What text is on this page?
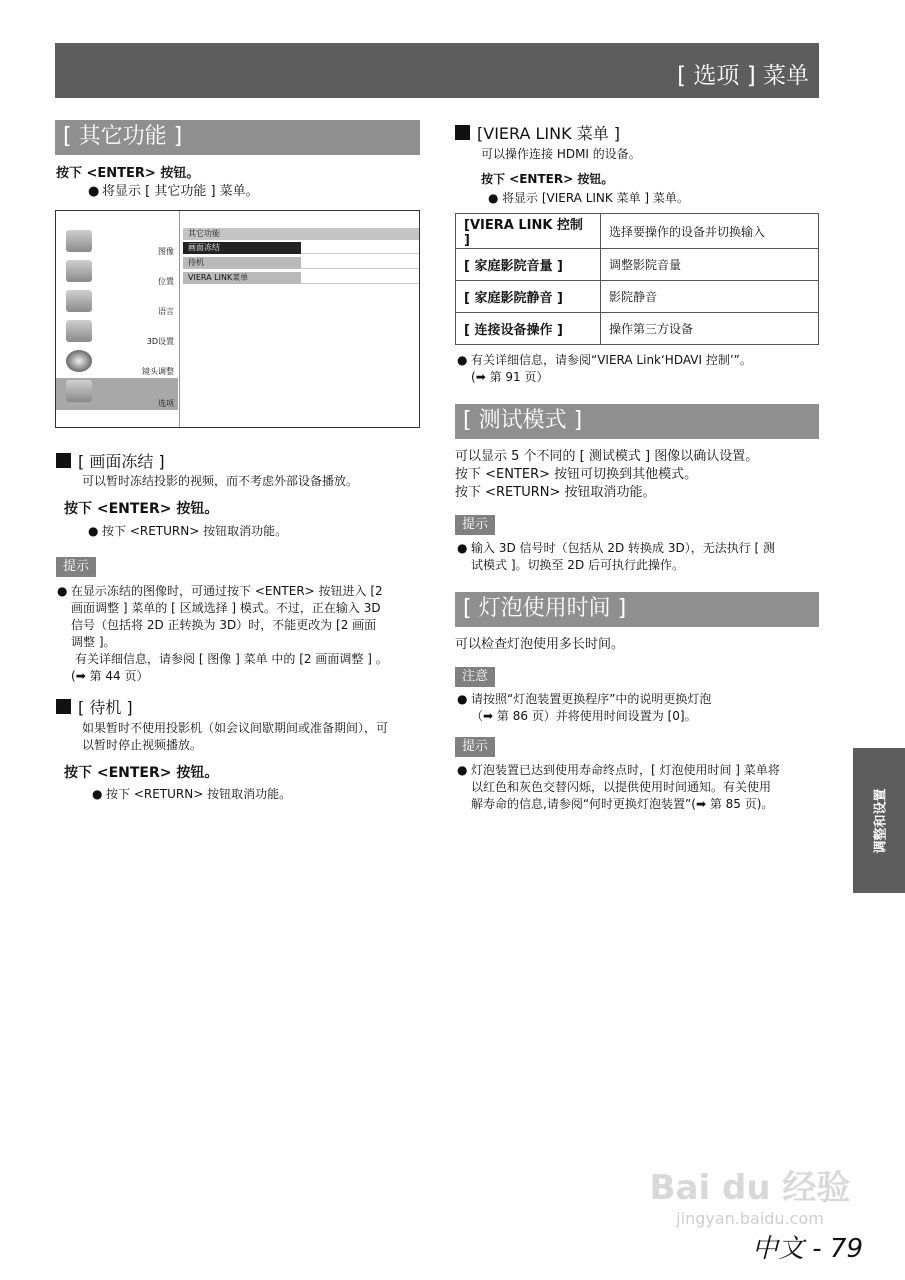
[ 选项 ] 菜单
[ 其它功能 ]
按下 <ENTER> 按钮。
● 将显示 [ 其它功能 ] 菜单。
图像
位置
语言
3D设置
镜头调整
选项
其它功能
画面冻结
待机
VIERA LINK菜单
[ 画面冻结 ]
可以暂时冻结投影的视频，而不考虑外部设备播放。
按下 <ENTER> 按钮。
● 按下 <RETURN> 按钮取消功能。
提示
● 在显示冻结的图像时，可通过按下 <ENTER> 按钮进入 [2
画面调整 ] 菜单的 [ 区域选择 ] 模式。不过，正在输入 3D
信号（包括将 2D 正转换为 3D）时，不能更改为 [2 画面
调整 ]。
有关详细信息，请参阅 [ 图像 ] 菜单 中的 [2 画面调整 ] 。
(➡ 第 44 页）
[ 待机 ]
如果暂时不使用投影机（如会议间歇期间或准备期间），可
以暂时停止视频播放。
按下 <ENTER> 按钮。
● 按下 <RETURN> 按钮取消功能。
[VIERA LINK 菜单 ]
可以操作连接 HDMI 的设备。
按下 <ENTER> 按钮。
● 将显示 [VIERA LINK 菜单 ] 菜单。
[VIERA LINK 控制 ]	选择要操作的设备并切换输入
[ 家庭影院音量 ]	调整影院音量
[ 家庭影院静音 ]	影院静音
[ 连接设备操作 ]	操作第三方设备
● 有关详细信息，请参阅“VIERA Link‘HDAVI 控制’”。
(➡ 第 91 页）
[ 测试模式 ]
可以显示 5 个不同的 [ 测试模式 ] 图像以确认设置。
按下 <ENTER> 按钮可切换到其他模式。
按下 <RETURN> 按钮取消功能。
提示
● 输入 3D 信号时（包括从 2D 转换成 3D），无法执行 [ 测
试模式 ]。切换至 2D 后可执行此操作。
[ 灯泡使用时间 ]
可以检查灯泡使用多长时间。
注意
● 请按照“灯泡装置更换程序”中的说明更换灯泡
（➡ 第 86 页）并将使用时间设置为 [0]。
提示
● 灯泡装置已达到使用寿命终点时，[ 灯泡使用时间 ] 菜单将
以红色和灰色交替闪烁，以提供使用时间通知。有关使用
解寿命的信息,请参阅“何时更换灯泡装置”(➡ 第 85 页)。	调整和设置
Bai du 经验
jingyan.baidu.com
中文 - 79
